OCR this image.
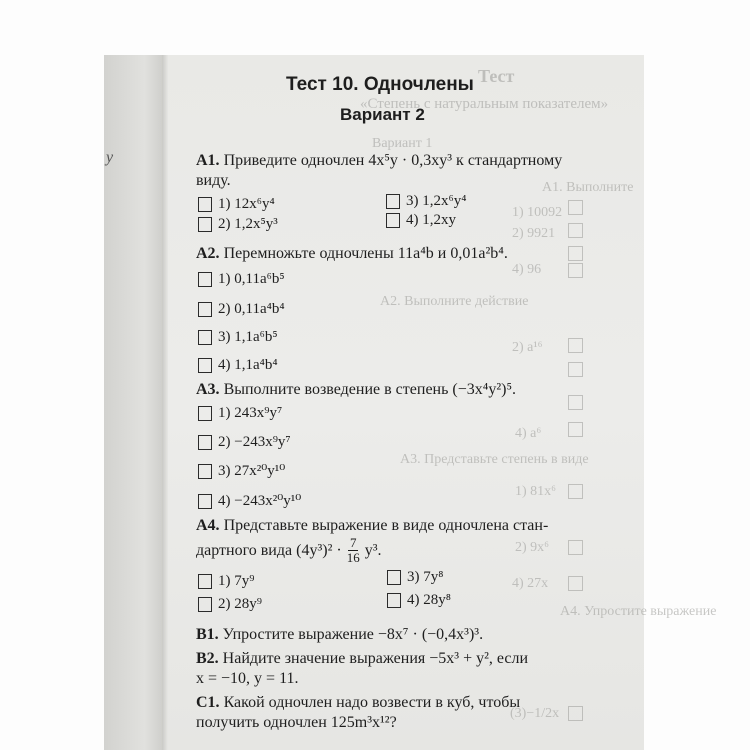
y
Тест
«Степень с натуральным показателем»
Вариант 1
А1. Выполните
1) 10092
2) 9921
4) 96
А2. Выполните действие
2) a¹⁶
4) a⁶
А3. Представьте степень в виде
1) 81x⁶
2) 9x⁶
4) 27x
А4. Упростите выражение
(3)−1/2x
Тест 10. Одночлены
Вариант 2
А1. Приведите одночлен 4x⁵y · 0,3xy³ к стандартному
виду.
1) 12x⁶y⁴	3) 1,2x⁶y⁴
2) 1,2x⁵y³	4) 1,2xy
А2. Перемножьте одночлены 11a⁴b и 0,01a²b⁴.
1) 0,11a⁶b⁵
2) 0,11a⁴b⁴
3) 1,1a⁶b⁵
4) 1,1a⁴b⁴
А3. Выполните возведение в степень (−3x⁴y²)⁵.
1) 243x⁹y⁷
2) −243x⁹y⁷
3) 27x²⁰y¹⁰
4) −243x²⁰y¹⁰
А4. Представьте выражение в виде одночлена стан-
дартного вида $(4y^3)^2 \cdot \frac{7}{16} y^3$.
1) 7y⁹	3) 7y⁸
2) 28y⁹	4) 28y⁸
В1. Упростите выражение −8x⁷ · (−0,4x³)³.
В2. Найдите значение выражения −5x³ + y², если
x = −10, y = 11.
С1. Какой одночлен надо возвести в куб, чтобы
получить одночлен 125m³x¹²?
